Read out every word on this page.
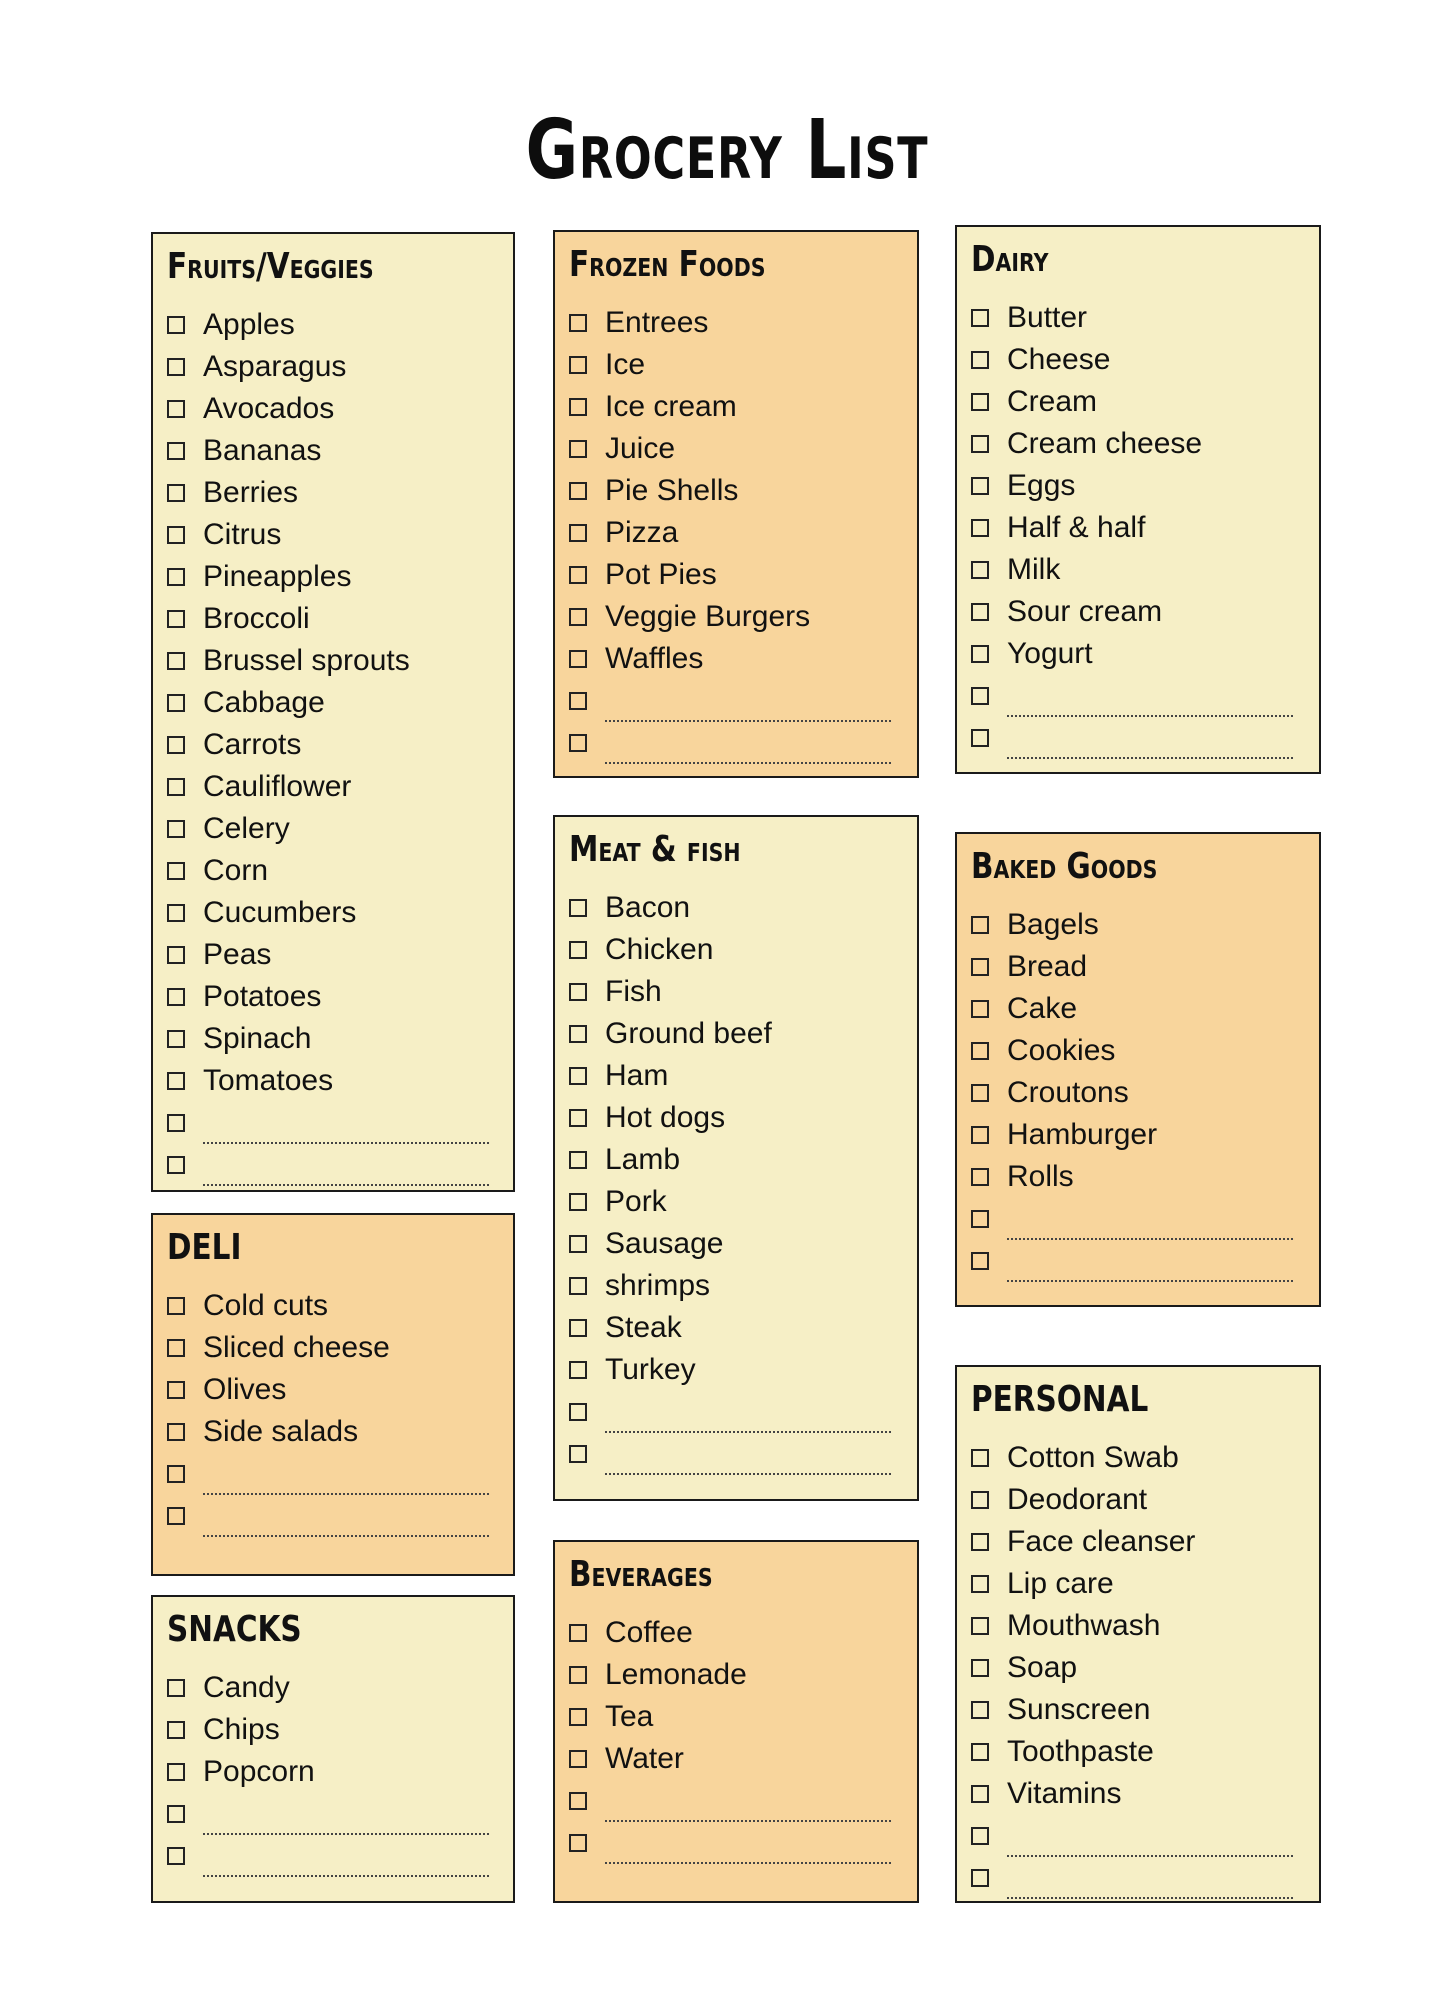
Grocery List
Fruits/Veggies
Apples
Asparagus
Avocados
Bananas
Berries
Citrus
Pineapples
Broccoli
Brussel sprouts
Cabbage
Carrots
Cauliflower
Celery
Corn
Cucumbers
Peas
Potatoes
Spinach
Tomatoes
DELI
Cold cuts
Sliced cheese
Olives
Side salads
SNACKS
Candy
Chips
Popcorn
Frozen Foods
Entrees
Ice
Ice cream
Juice
Pie Shells
Pizza
Pot Pies
Veggie Burgers
Waffles
Meat & fish
Bacon
Chicken
Fish
Ground beef
Ham
Hot dogs
Lamb
Pork
Sausage
shrimps
Steak
Turkey
Beverages
Coffee
Lemonade
Tea
Water
Dairy
Butter
Cheese
Cream
Cream cheese
Eggs
Half & half
Milk
Sour cream
Yogurt
Baked Goods
Bagels
Bread
Cake
Cookies
Croutons
Hamburger
Rolls
PERSONAL
Cotton Swab
Deodorant
Face cleanser
Lip care
Mouthwash
Soap
Sunscreen
Toothpaste
Vitamins
